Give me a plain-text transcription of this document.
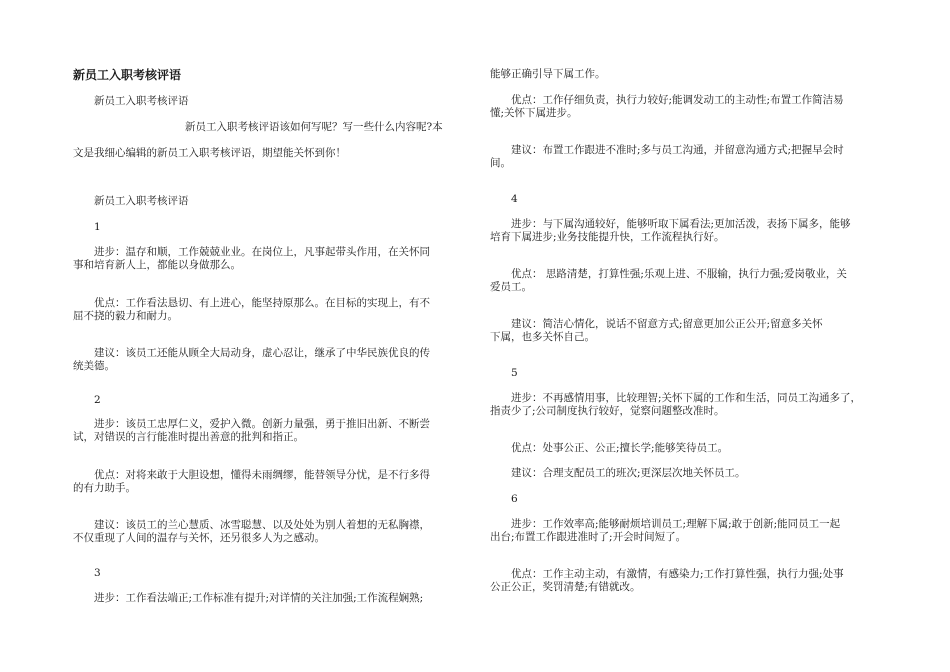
新员工入职考核评语

新员工入职考核评语

新员工入职考核评语该如何写呢？写一些什么内容呢?本

文是我细心编辑的新员工入职考核评语，期望能关怀到你！

新员工入职考核评语

1

进步：温存和顺，工作兢兢业业。在岗位上，凡事起带头作用，在关怀同
事和培育新人上，都能以身做那么。

优点：工作看法恳切、有上进心，能坚持原那么。在目标的实现上，有不
屈不挠的毅力和耐力。

建议：该员工还能从顾全大局动身，虚心忍让，继承了中华民族优良的传
统美德。

2

进步：该员工忠厚仁义，爱护入微。创新力量强，勇于推旧出新、不断尝
试，对错误的言行能准时提出善意的批判和指正。

优点：对将来敢于大胆设想，懂得未雨绸缪，能替领导分忧，是不行多得
的有力助手。

建议：该员工的兰心慧质、冰雪聪慧、以及处处为别人着想的无私胸襟，
不仅重现了人间的温存与关怀，还另很多人为之感动。

3

进步：工作看法端正;工作标准有提升;对详情的关注加强;工作流程娴熟;

能够正确引导下属工作。

优点：工作仔细负责，执行力较好;能调发动工的主动性;布置工作简洁易
懂;关怀下属进步。

建议：布置工作跟进不准时;多与员工沟通，并留意沟通方式;把握早会时
间。

4

进步：与下属沟通较好，能够听取下属看法;更加活泼，表扬下属多，能够
培育下属进步;业务技能提升快，工作流程执行好。

优点： 思路清楚，打算性强;乐观上进、不服输，执行力强;爱岗敬业，关
爱员工。

建议：简洁心情化，说话不留意方式;留意更加公正公开;留意多关怀
下属，也多关怀自己。

5

进步：不再感情用事，比较理智;关怀下属的工作和生活，同员工沟通多了，
指责少了;公司制度执行较好，觉察问题整改准时。

优点：处事公正、公正;擅长学;能够笑待员工。

建议：合理支配员工的班次;更深层次地关怀员工。

6

进步：工作效率高;能够耐烦培训员工;理解下属;敢于创新;能同员工一起
出台;布置工作跟进准时了;开会时间短了。

优点：工作主动主动，有激情，有感染力;工作打算性强，执行力强;处事
公正公正，奖罚清楚;有错就改。
